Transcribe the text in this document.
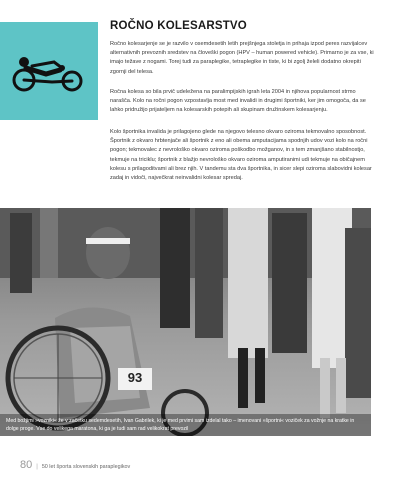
ROČNO KOLESARSTVO

Ročno kolesarjenje se je razvilo v osemdesetih letih prejšnjega stoletja in prihaja izpod peres razvijalcev alternativnih prevoznih sredstev na človeški pogon (HPV – human powered vehicle). Primarno je za vse, ki imajo težave z nogami. Torej tudi za paraplegike, tetraplegike in tiste, ki bi zgolj želeli dodatno okrepiti zgornji del telesa.

Ročna kolesa so bila prvič udeležena na paralimpijskih igrah leta 2004 in njihova popularnost strmo narašča. Kolo na ročni pogon vzpostavlja most med invalidi in drugimi športniki, ker jim omogoča, da se lahko pridružijo prijateljem na kolesarskih potepih ali skupinam družinskem kolesarjenju.

Kolo športnika invalida je prilagojeno glede na njegovo telesno okvaro oziroma tekmovalno sposobnost. Športnik z okvaro hrbtenjače ali športnik z eno ali obema amputacijama spodnjih udov vozi kolo na ročni pogon; tekmovalec z nevrološko okvaro oziroma poškodbo možganov, in s tem zmanjšano stabilnostjo, tekmuje na triciklu; športnik z blažjo nevrološko okvaro oziroma amputiranimi udi tekmuje na običajnem kolesu s prilagoditvami ali brez njih. V tandemu sta dva športnika, in sicer slepi oziroma slabovidni kolesar zadaj in vidoči, največkrat neinvalidni kolesar spredaj.

93

Med božjimi »vozniki« že v začetku sedemdesetih, Ivan Gabrilek, ki je med prvimi sam izdelal tako – imenovani »športni« voziček za vožnje na kratke in dolge proge. Vse do velikega maratona, ki ga je tudi sam rad velikokrat prevozil

80 | 50 let športa slovenskih paraplegikov
